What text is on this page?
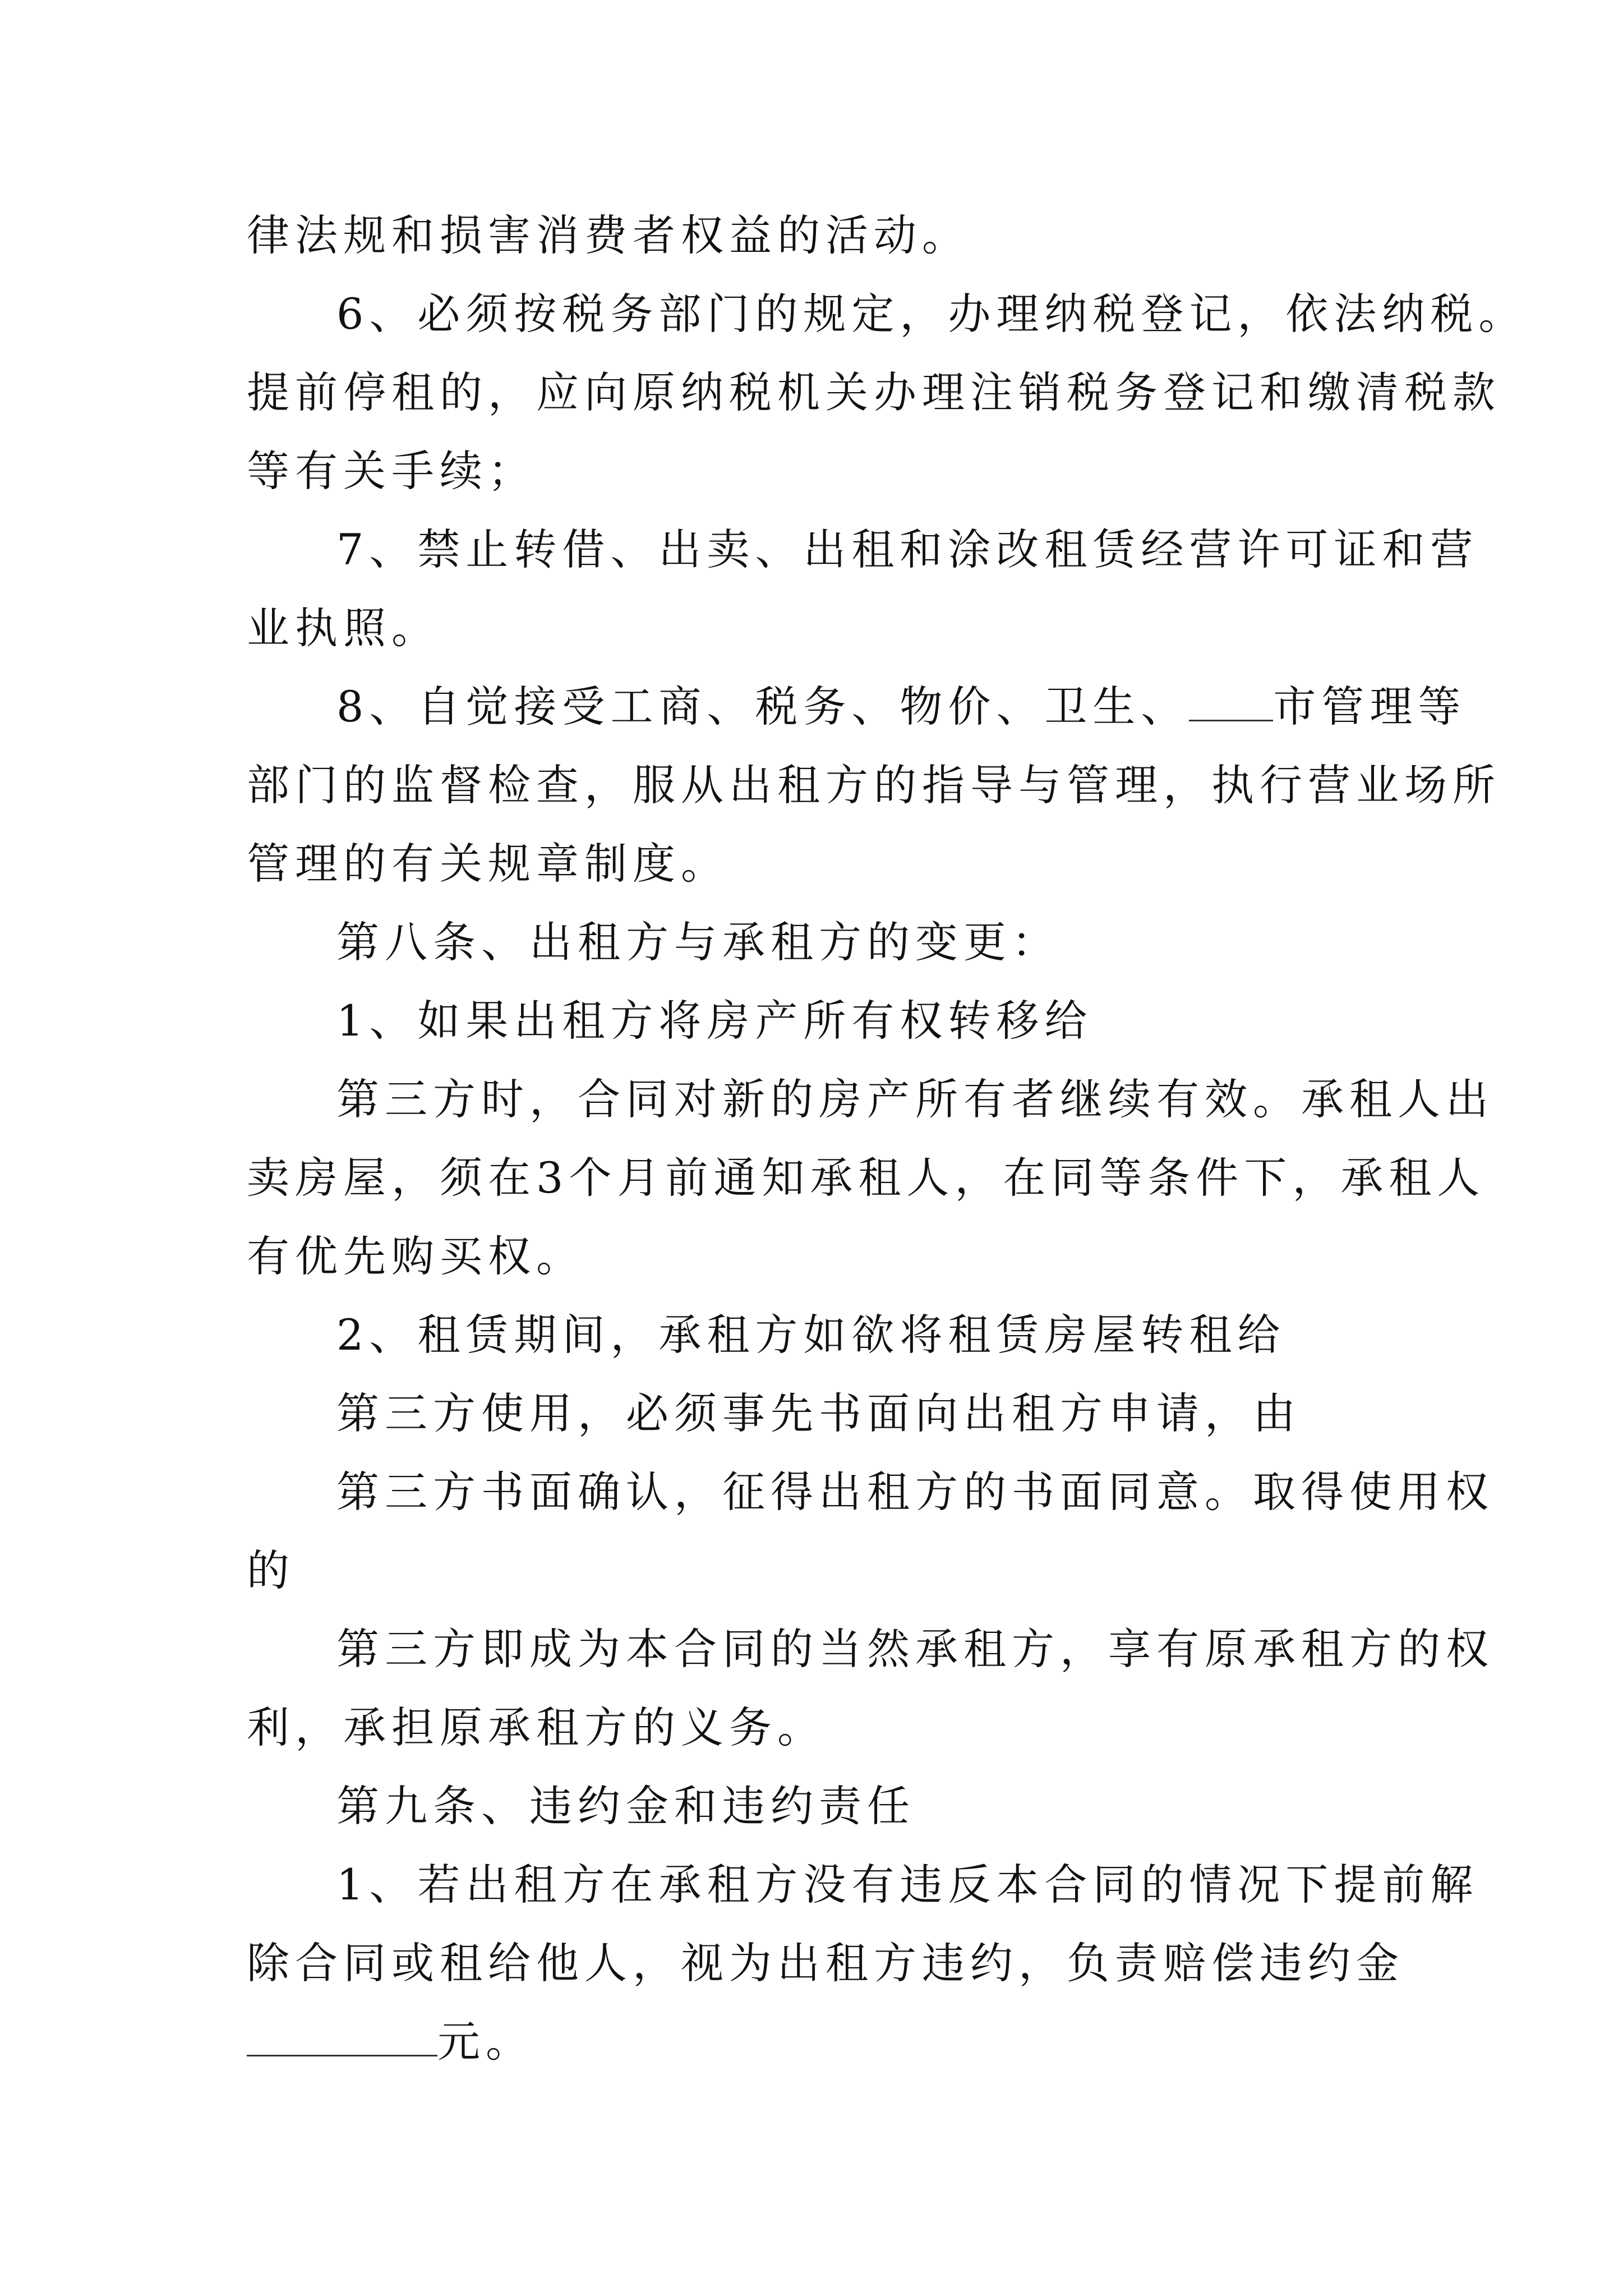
律法规和损害消费者权益的活动。
6、必须按税务部门的规定，办理纳税登记，依法纳税。
提前停租的，应向原纳税机关办理注销税务登记和缴清税款
等有关手续；
7、禁止转借、出卖、出租和涂改租赁经营许可证和营
业执照。
8、自觉接受工商、税务、物价、卫生、 市管理等
部门的监督检查，服从出租方的指导与管理，执行营业场所
管理的有关规章制度。
第八条、出租方与承租方的变更：
1、如果出租方将房产所有权转移给
第三方时，合同对新的房产所有者继续有效。承租人出
卖房屋，须在3个月前通知承租人，在同等条件下，承租人
有优先购买权。
2、租赁期间，承租方如欲将租赁房屋转租给
第三方使用，必须事先书面向出租方申请，由
第三方书面确认，征得出租方的书面同意。取得使用权
的
第三方即成为本合同的当然承租方，享有原承租方的权
利，承担原承租方的义务。
第九条、违约金和违约责任
1、若出租方在承租方没有违反本合同的情况下提前解
除合同或租给他人，视为出租方违约，负责赔偿违约金
元。
